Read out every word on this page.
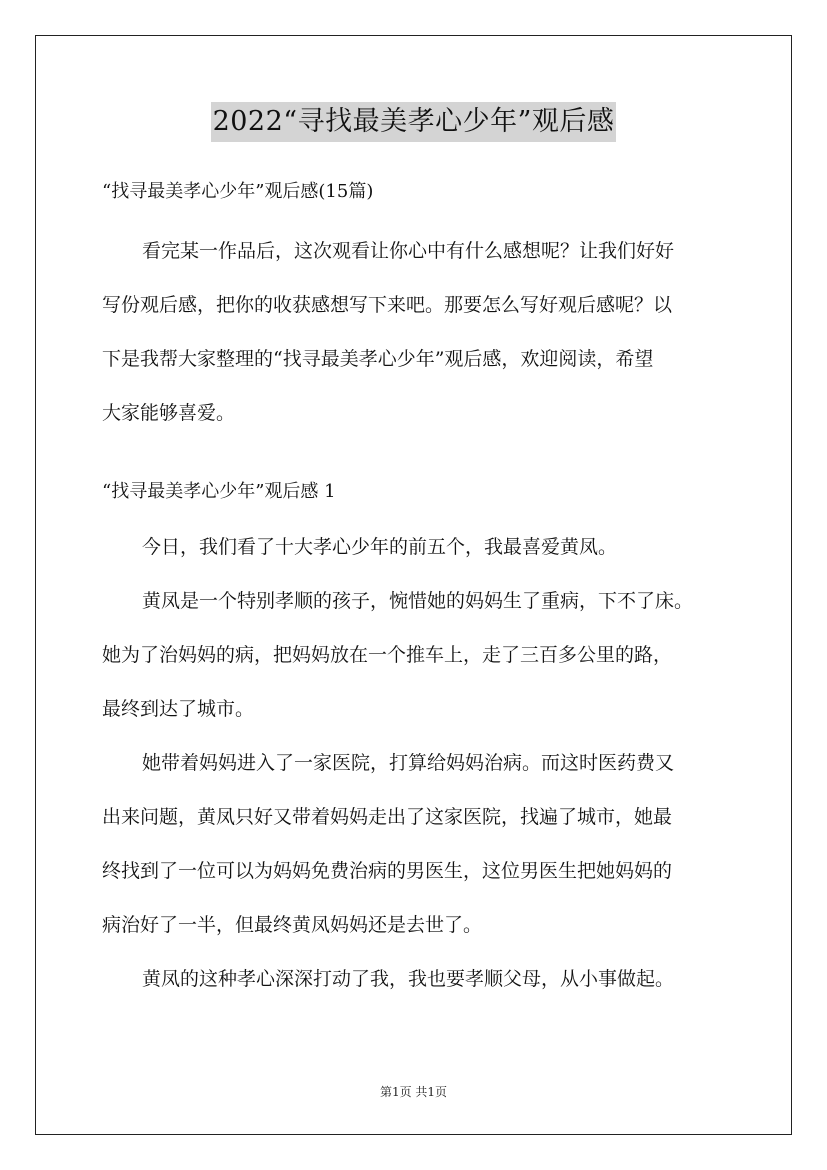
2022“寻找最美孝心少年”观后感

“找寻最美孝心少年”观后感(15篇)

看完某一作品后，这次观看让你心中有什么感想呢？让我们好好

写份观后感，把你的收获感想写下来吧。那要怎么写好观后感呢？以

下是我帮大家整理的“找寻最美孝心少年”观后感，欢迎阅读，希望

大家能够喜爱。

“找寻最美孝心少年”观后感 1

今日，我们看了十大孝心少年的前五个，我最喜爱黄凤。

黄凤是一个特别孝顺的孩子，惋惜她的妈妈生了重病，下不了床。

她为了治妈妈的病，把妈妈放在一个推车上，走了三百多公里的路，

最终到达了城市。

她带着妈妈进入了一家医院，打算给妈妈治病。而这时医药费又

出来问题，黄凤只好又带着妈妈走出了这家医院，找遍了城市，她最

终找到了一位可以为妈妈免费治病的男医生，这位男医生把她妈妈的

病治好了一半，但最终黄凤妈妈还是去世了。

黄凤的这种孝心深深打动了我，我也要孝顺父母，从小事做起。

第1页 共1页
